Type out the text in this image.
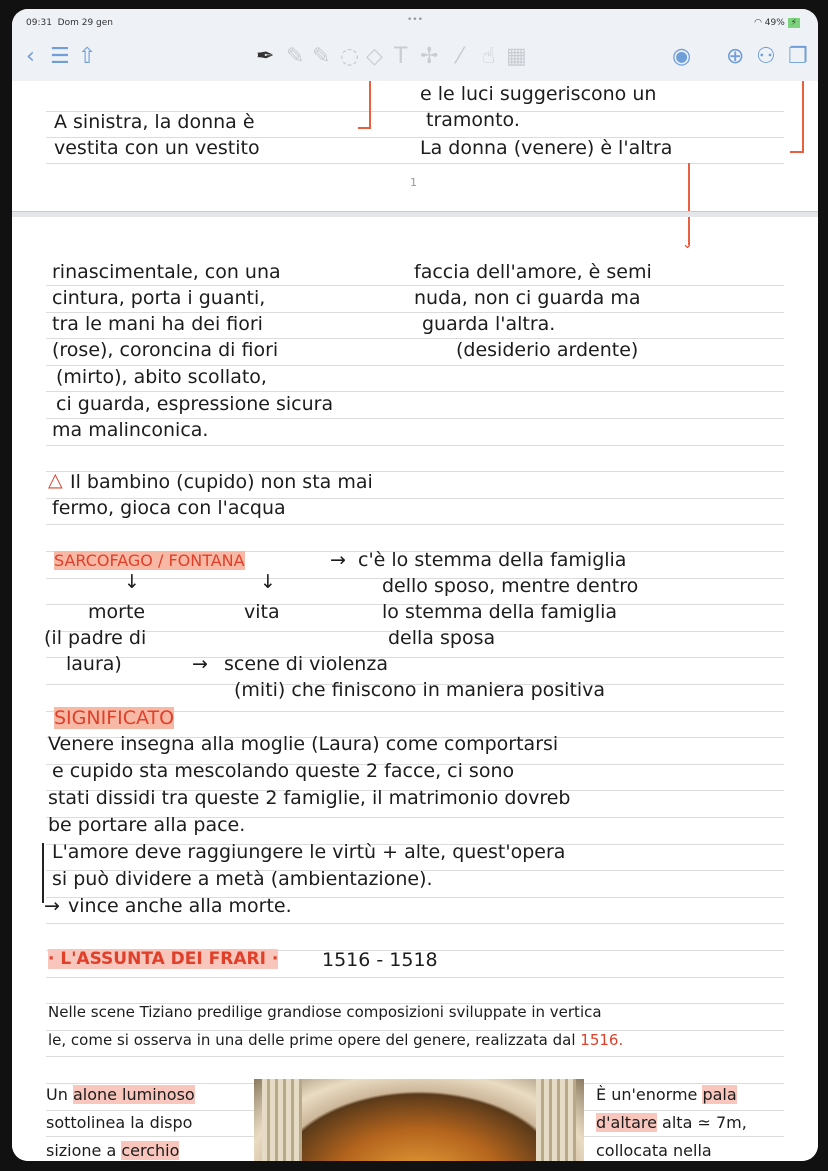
09:31 Dom 29 gen	•••	◠ 49% ⚡
‹ ☰ ⇧	✒ ✎ ✎ ◌ ◇ T ✢ ⁄ ☝ ▦	◉ ⊕ ⚇ ❐
A sinistra, la donna è
vestita con un vestito
e le luci suggeriscono un
tramonto.
La donna (venere) è l'altra
1
⌄
rinascimentale, con una
cintura, porta i guanti,
tra le mani ha dei fiori
(rose), coroncina di fiori
(mirto), abito scollato,
ci guarda, espressione sicura
ma malinconica.
faccia dell'amore, è semi
nuda, non ci guarda ma
guarda l'altra.
(desiderio ardente)
△ Il bambino (cupido) non sta mai
fermo, gioca con l'acqua
SARCOFAGO / FONTANA	→ c'è lo stemma della famiglia
dello sposo, mentre dentro
lo stemma della famiglia
della sposa
↓	↓
morte	vita
(il padre di
laura)	→ scene di violenza
(miti) che finiscono in maniera positiva
SIGNIFICATO
Venere insegna alla moglie (Laura) come comportarsi
e cupido sta mescolando queste 2 facce, ci sono
stati dissidi tra queste 2 famiglie, il matrimonio dovreb
be portare alla pace.
L'amore deve raggiungere le virtù + alte, quest'opera
si può dividere a metà (ambientazione).
→ vince anche alla morte.
· L'ASSUNTA DEI FRARI · 1516 - 1518
Nelle scene Tiziano predilige grandiose composizioni sviluppate in vertica
le, come si osserva in una delle prime opere del genere, realizzata dal 1516.
Un alone luminoso
sottolinea la dispo
sizione a cerchio
È un'enorme pala
d'altare alta ≃ 7m,
collocata nella
